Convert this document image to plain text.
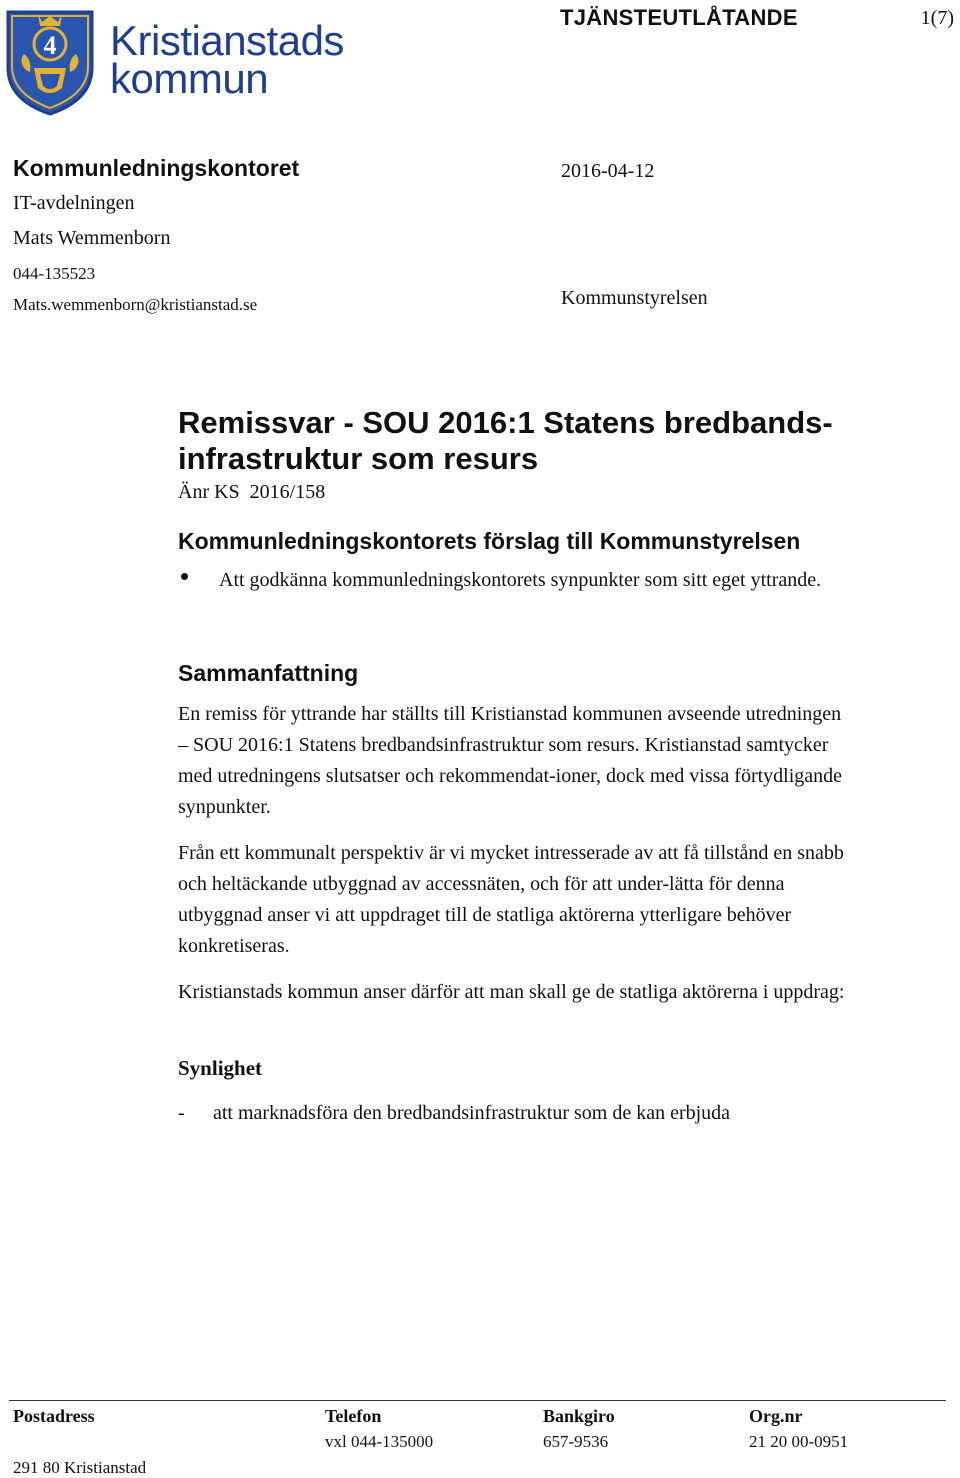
4 Kristianstads
kommun
TJÄNSTEUTLÅTANDE	1(7)
Kommunledningskontoret
IT-avdelningen
Mats Wemmenborn
044-135523
Mats.wemmenborn@kristianstad.se
2016-04-12
Kommunstyrelsen
Remissvar - SOU 2016:1 Statens bredbands-infrastruktur som resurs
Änr KS  2016/158
Kommunledningskontorets förslag till Kommunstyrelsen
Att godkänna kommunledningskontorets synpunkter som sitt eget yttrande.
Sammanfattning
En remiss för yttrande har ställts till Kristianstad kommunen avseende utredningen – SOU 2016:1 Statens bredbandsinfrastruktur som resurs. Kristianstad samtycker med utredningens slutsatser och rekommendat-ioner, dock med vissa förtydligande synpunkter.
Från ett kommunalt perspektiv är vi mycket intresserade av att få tillstånd en snabb och heltäckande utbyggnad av accessnäten, och för att under-lätta för denna utbyggnad anser vi att uppdraget till de statliga aktörerna ytterligare behöver konkretiseras.
Kristianstads kommun anser därför att man skall ge de statliga aktörerna i uppdrag:
Synlighet
- att marknadsföra den bredbandsinfrastruktur som de kan erbjuda
Postadress
291 80 Kristianstad
Telefon
vxl 044-135000
Bankgiro
657-9536
Org.nr
21 20 00-0951
